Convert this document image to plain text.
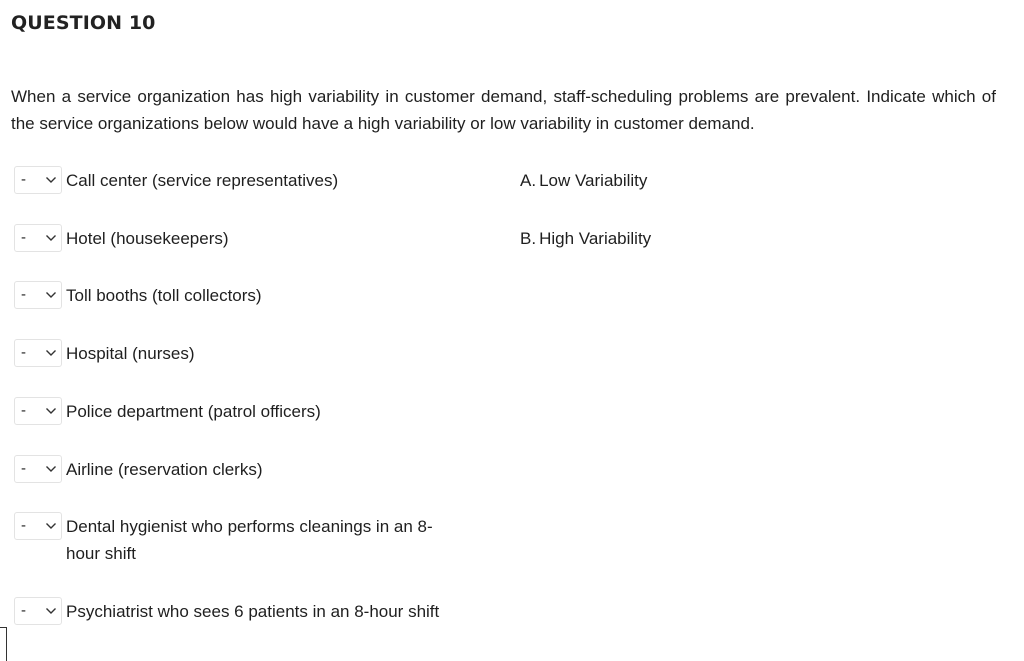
QUESTION 10
When a service organization has high variability in customer demand, staff-scheduling problems are prevalent. Indicate which of the service organizations below would have a high variability or low variability in customer demand.
- Call center (service representatives)
- Hotel (housekeepers)
- Toll booths (toll collectors)
- Hospital (nurses)
- Police department (patrol officers)
- Airline (reservation clerks)
- Dental hygienist who performs cleanings in an 8-hour shift
- Psychiatrist who sees 6 patients in an 8-hour shift
A. Low Variability
B. High Variability
